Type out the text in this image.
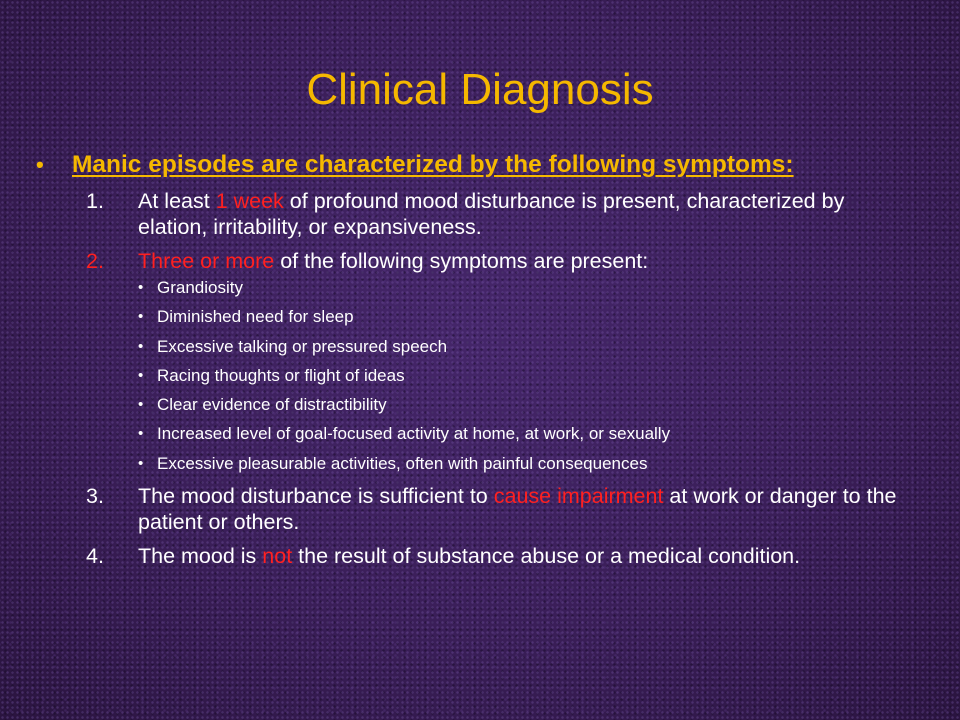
Clinical Diagnosis
• Manic episodes are characterized by the following symptoms:
1. At least 1 week of profound mood disturbance is present, characterized by elation, irritability, or expansiveness.
2. Three or more of the following symptoms are present:
• Grandiosity
• Diminished need for sleep
• Excessive talking or pressured speech
• Racing thoughts or flight of ideas
• Clear evidence of distractibility
• Increased level of goal-focused activity at home, at work, or sexually
• Excessive pleasurable activities, often with painful consequences
3. The mood disturbance is sufficient to cause impairment at work or danger to the patient or others.
4. The mood is not the result of substance abuse or a medical condition.
